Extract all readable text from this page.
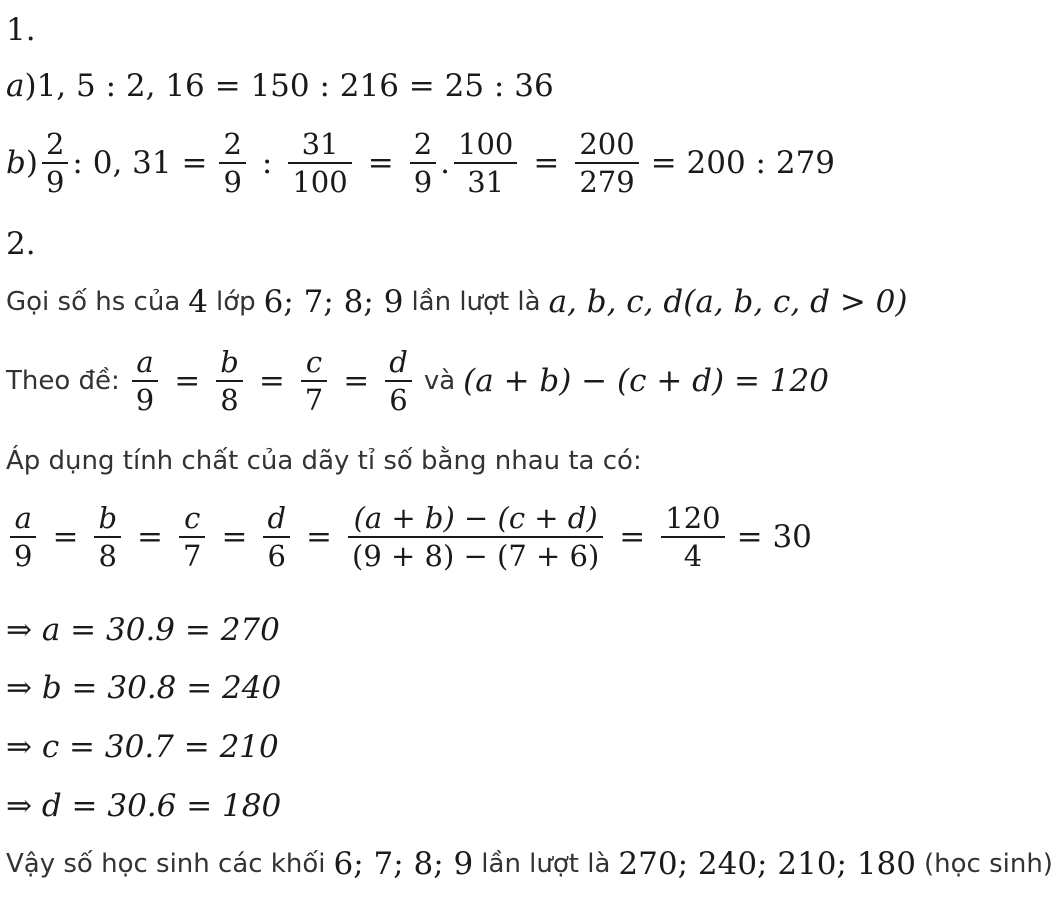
1.
a )1, 5 : 2, 16 = 150 : 216 = 25 : 36
b ) $\frac{2}{9}$ : 0, $31 = \frac{2}{9}$ : $\frac{31}{100} = \frac{2}{9}$ . $\frac{100}{31} = \frac{200}{279} = 200$ : 279
2.
Gọi số hs của 4 lớp 6; 7; 8; 9 lần lượt là a, b, c, d(a, b, c, d > 0)
Theo đề: $\frac{a}{9} = \frac{b}{8} = \frac{c}{7} = \frac{d}{6}$ và (a + b) − (c + d) = 120
Áp dụng tính chất của dãy tỉ số bằng nhau ta có:
$\frac{a}{9} = \frac{b}{8} = \frac{c}{7} = \frac{d}{6} = \frac{(a + b) - (c + d)}{(9 + 8) - (7 + 6)} = \frac{120}{4} = 30$
⇒ a = 30.9 = 270
⇒ b = 30.8 = 240
⇒ c = 30.7 = 210
⇒ d = 30.6 = 180
Vậy số học sinh các khối 6; 7; 8; 9 lần lượt là 270; 240; 210; 180 (học sinh)
